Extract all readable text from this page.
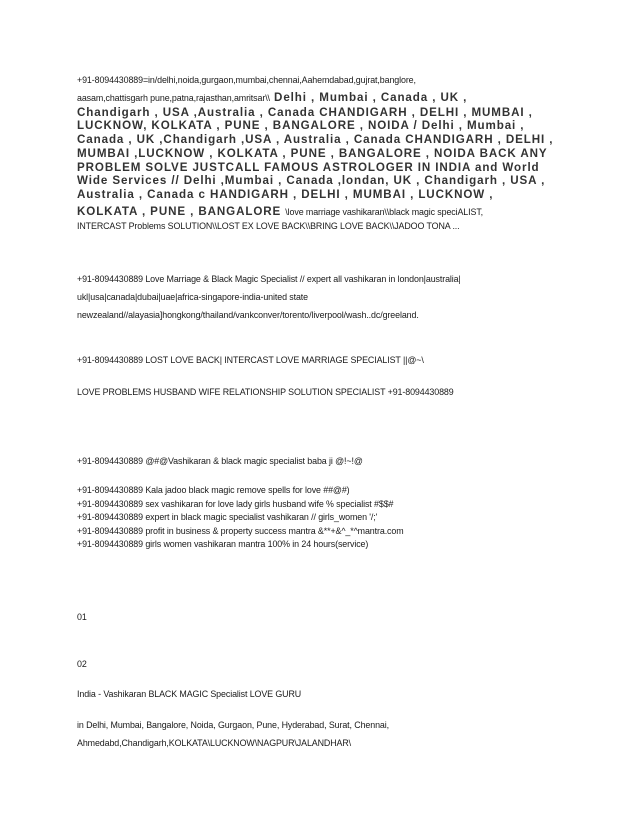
+91-8094430889=in/delhi,noida,gurgaon,mumbai,chennai,Aahemdabad,gujrat,banglore,
aasam,chattisgarh pune,patna,rajasthan,amritsar\\ Delhi , Mumbai , Canada , UK ,
Chandigarh , USA ,Australia , Canada CHANDIGARH , DELHI , MUMBAI ,
LUCKNOW, KOLKATA , PUNE , BANGALORE , NOIDA / Delhi , Mumbai ,
Canada , UK ,Chandigarh ,USA , Australia , Canada CHANDIGARH , DELHI ,
MUMBAI ,LUCKNOW , KOLKATA , PUNE , BANGALORE , NOIDA BACK ANY
PROBLEM SOLVE JUSTCALL FAMOUS ASTROLOGER IN INDIA and World
Wide Services // Delhi ,Mumbai , Canada ,londan, UK , Chandigarh , USA ,
Australia , Canada c HANDIGARH , DELHI , MUMBAI , LUCKNOW ,
KOLKATA , PUNE , BANGALORE \love marriage vashikaran\\black magic speciALIST,
INTERCAST Problems SOLUTION\\LOST EX LOVE BACK\\BRING LOVE BACK\\JADOO TONA ...
+91-8094430889 Love Marriage & Black Magic Specialist // expert all vashikaran in london|australia|
ukl|usa|canada|dubai|uae|africa-singapore-india-united state
newzealand//alayasia]hongkong/thailand/vankconver/torento/liverpool/wash..dc/greeland.
+91-8094430889 LOST LOVE BACK| INTERCAST LOVE MARRIAGE SPECIALIST ||@~\
LOVE PROBLEMS HUSBAND WIFE RELATIONSHIP SOLUTION SPECIALIST +91-8094430889
+91-8094430889 @#@Vashikaran & black magic specialist baba ji @!~!@
+91-8094430889 Kala jadoo black magic remove spells for love ##@#)
+91-8094430889 sex vashikaran for love lady girls husband wife % specialist #$$#
+91-8094430889 expert in black magic specialist vashikaran // girls_women '/;'
+91-8094430889 profit in business & property success mantra &**+&^_*^mantra.com
+91-8094430889 girls women vashikaran mantra 100% in 24 hours(service)
01
02
India - Vashikaran BLACK MAGIC Specialist LOVE GURU
in Delhi, Mumbai, Bangalore, Noida, Gurgaon, Pune, Hyderabad, Surat, Chennai,
Ahmedabd,Chandigarh,KOLKATA\LUCKNOW\NAGPUR\JALANDHAR\
